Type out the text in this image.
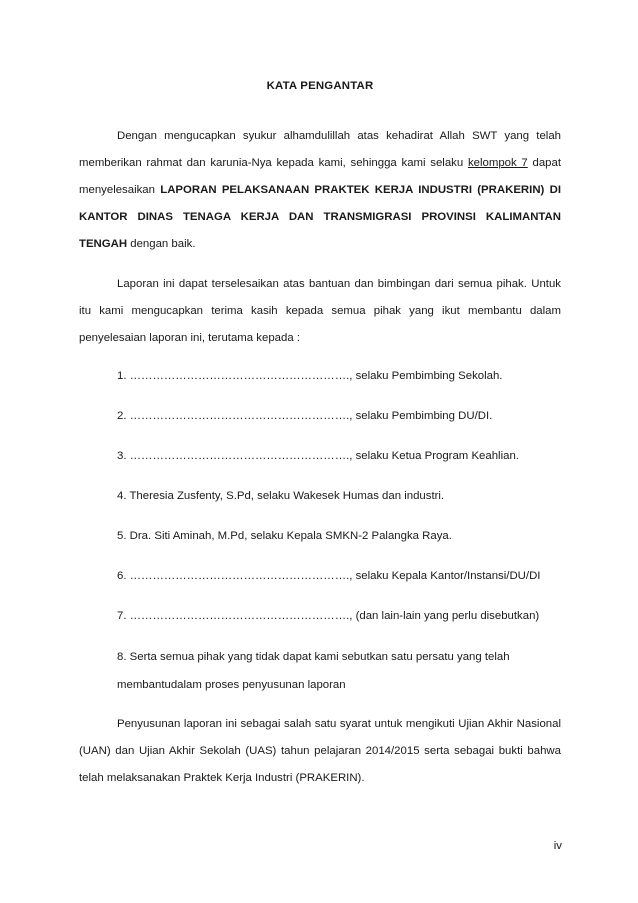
KATA PENGANTAR

Dengan mengucapkan syukur alhamdulillah atas kehadirat Allah SWT yang telah memberikan rahmat dan karunia-Nya kepada kami, sehingga kami selaku kelompok 7 dapat menyelesaikan LAPORAN PELAKSANAAN PRAKTEK KERJA INDUSTRI (PRAKERIN) DI KANTOR DINAS TENAGA KERJA DAN TRANSMIGRASI PROVINSI KALIMANTAN TENGAH dengan baik.

Laporan ini dapat terselesaikan atas bantuan dan bimbingan dari semua pihak. Untuk itu kami mengucapkan terima kasih kepada semua pihak yang ikut membantu dalam penyelesaian laporan ini, terutama kepada :

1. …………………………………………………., selaku Pembimbing Sekolah.
2. …………………………………………………., selaku Pembimbing DU/DI.
3. …………………………………………………., selaku Ketua Program Keahlian.
4. Theresia Zusfenty, S.Pd, selaku Wakesek Humas dan industri.
5. Dra. Siti Aminah, M.Pd, selaku Kepala SMKN-2 Palangka Raya.
6. …………………………………………………., selaku Kepala Kantor/Instansi/DU/DI
7. …………………………………………………., (dan lain-lain yang perlu disebutkan)
8. Serta semua pihak yang tidak dapat kami sebutkan satu persatu yang telah membantudalam proses penyusunan laporan

Penyusunan laporan ini sebagai salah satu syarat untuk mengikuti Ujian Akhir Nasional (UAN) dan Ujian Akhir Sekolah (UAS) tahun pelajaran 2014/2015 serta sebagai bukti bahwa telah melaksanakan Praktek Kerja Industri (PRAKERIN).

iv
